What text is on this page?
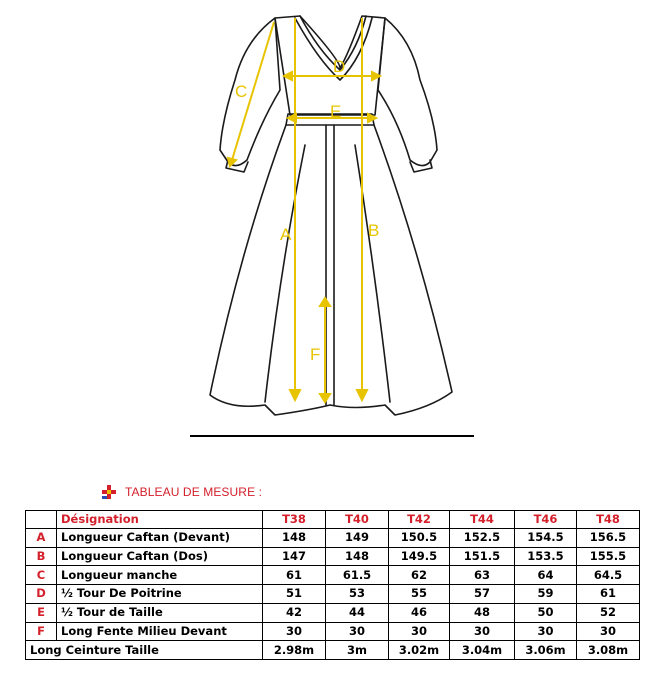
A	B
C
D
E
F
TABLEAU DE MESURE :
	Désignation	T38	T40	T42	T44	T46	T48
A	Longueur Caftan (Devant)	148	149	150.5	152.5	154.5	156.5
B	Longueur Caftan (Dos)	147	148	149.5	151.5	153.5	155.5
C	Longueur manche	61	61.5	62	63	64	64.5
D	½ Tour De Poitrine	51	53	55	57	59	61
E	½ Tour de Taille	42	44	46	48	50	52
F	Long Fente Milieu Devant	30	30	30	30	30	30
Long Ceinture Taille		2.98m	3m	3.02m	3.04m	3.06m	3.08m
